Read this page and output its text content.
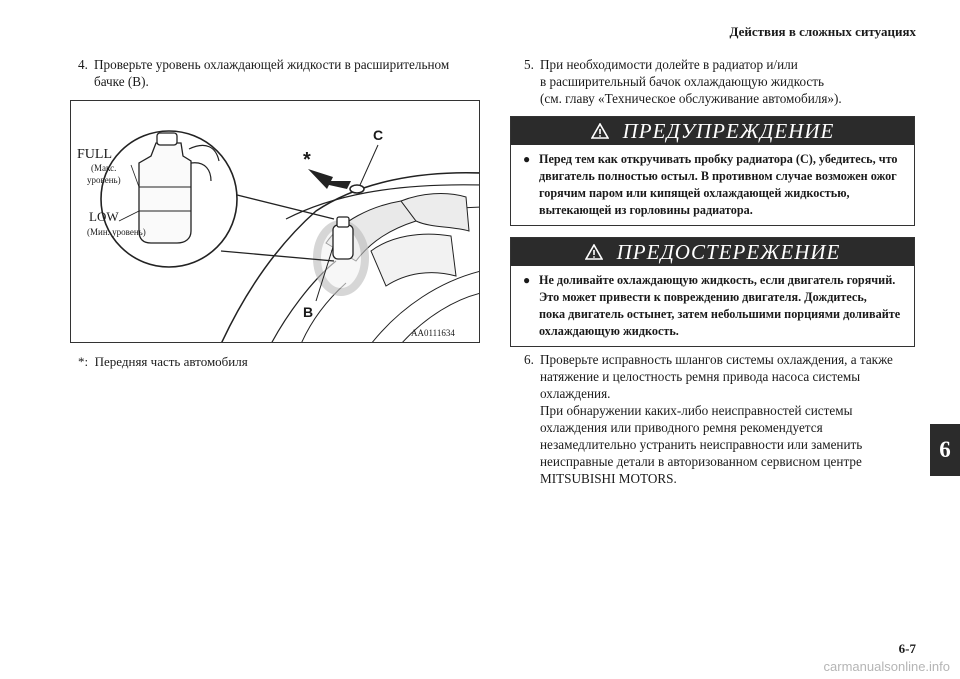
Действия в сложных ситуациях
6
4. Проверьте уровень охлаждающей жидкости в расширительном
бачке (B).
FULL
(Макс.
уровень)
LOW
(Мин. уровень)
*
C
B
AA0111634
*: Передняя часть автомобиля
5. При необходимости долейте в радиатор и/или
в расширительный бачок охлаждающую жидкость
(см. главу «Техническое обслуживание автомобиля»).
ПРЕДУПРЕЖДЕНИЕ
● Перед тем как откручивать пробку радиатора (C), убедитесь, что
двигатель полностью остыл. В противном случае возможен ожог
горячим паром или кипящей охлаждающей жидкостью,
вытекающей из горловины радиатора.
ПРЕДОСТЕРЕЖЕНИЕ
● Не доливайте охлаждающую жидкость, если двигатель горячий.
Это может привести к повреждению двигателя. Дождитесь,
пока двигатель остынет, затем небольшими порциями доливайте
охлаждающую жидкость.
6. Проверьте исправность шлангов системы охлаждения, а также
натяжение и целостность ремня привода насоса системы
охлаждения.
При обнаружении каких-либо неисправностей системы
охлаждения или приводного ремня рекомендуется
незамедлительно устранить неисправности или заменить
неисправные детали в авторизованном сервисном центре
MITSUBISHI MOTORS.
6-7
carmanualsonline.info
